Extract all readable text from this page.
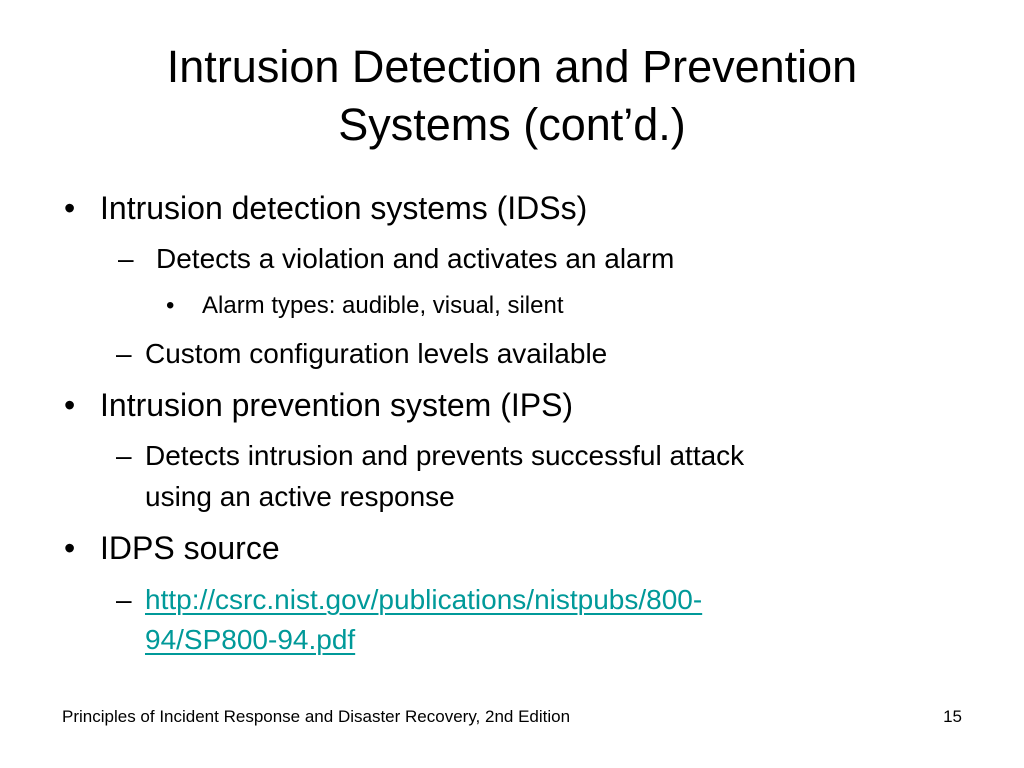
Intrusion Detection and Prevention
Systems (cont’d.)
• Intrusion detection systems (IDSs)
– Detects a violation and activates an alarm
• Alarm types: audible, visual, silent
– Custom configuration levels available
• Intrusion prevention system (IPS)
– Detects intrusion and prevents successful attack
using an active response
• IDPS source
– http://csrc.nist.gov/publications/nistpubs/800-
94/SP800-94.pdf
Principles of Incident Response and Disaster Recovery, 2nd Edition	15
